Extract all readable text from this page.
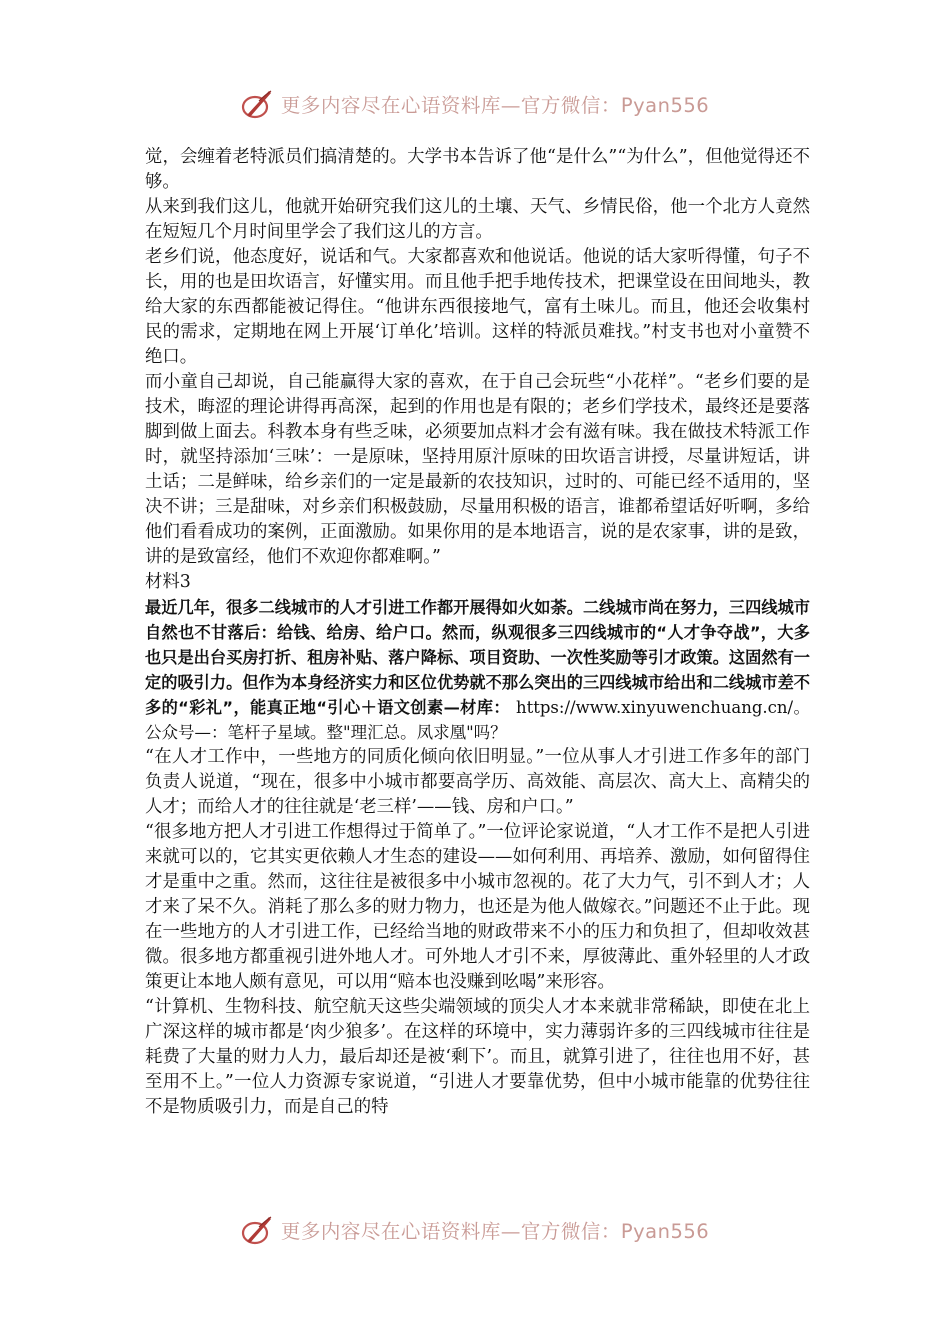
更多内容尽在心语资料库—官方微信：Pyan556

觉，会缠着老特派员们搞清楚的。大学书本告诉了他“是什么”“为什么”，但他觉得还不够。

从来到我们这儿，他就开始研究我们这儿的土壤、天气、乡情民俗，他一个北方人竟然在短短几个月时间里学会了我们这儿的方言。

老乡们说，他态度好，说话和气。大家都喜欢和他说话。他说的话大家听得懂，句子不长，用的也是田坎语言，好懂实用。而且他手把手地传技术，把课堂设在田间地头，教给大家的东西都能被记得住。“他讲东西很接地气，富有土味儿。而且，他还会收集村民的需求，定期地在网上开展‘订单化’培训。这样的特派员难找。”村支书也对小童赞不绝口。

而小童自己却说，自己能赢得大家的喜欢，在于自己会玩些“小花样”。“老乡们要的是技术，晦涩的理论讲得再高深，起到的作用也是有限的；老乡们学技术，最终还是要落脚到做上面去。科教本身有些乏味，必须要加点料才会有滋有味。我在做技术特派工作时，就坚持添加‘三味’：一是原味，坚持用原汁原味的田坎语言讲授，尽量讲短话，讲土话；二是鲜味，给乡亲们的一定是最新的农技知识，过时的、可能已经不适用的，坚决不讲；三是甜味，对乡亲们积极鼓励，尽量用积极的语言，谁都希望话好听啊，多给他们看看成功的案例，正面激励。如果你用的是本地语言，说的是农家事，讲的是致，讲的是致富经，他们不欢迎你都难啊。”

材料3

最近几年，很多二线城市的人才引进工作都开展得如火如荼。二线城市尚在努力，三四线城市自然也不甘落后：给钱、给房、给户口。然而，纵观很多三四线城市的“人才争夺战”，大多也只是出台买房打折、租房补贴、落户降标、项目资助、一次性奖励等引才政策。这固然有一定的吸引力。但作为本身经济实力和区位优势就不那么突出的三四线城市给出和二线城市差不多的“彩礼”，能真正地“引心＋语文创素—材库： https://www.xinyuwenchuang.cn/。公众号—：笔杆子星域。整"理汇总。凤求凰"吗？

“在人才工作中，一些地方的同质化倾向依旧明显。”一位从事人才引进工作多年的部门负责人说道，“现在，很多中小城市都要高学历、高效能、高层次、高大上、高精尖的人才；而给人才的往往就是‘老三样’——钱、房和户口。”

“很多地方把人才引进工作想得过于简单了。”一位评论家说道，“人才工作不是把人引进来就可以的，它其实更依赖人才生态的建设——如何利用、再培养、激励，如何留得住才是重中之重。然而，这往往是被很多中小城市忽视的。花了大力气，引不到人才；人才来了呆不久。消耗了那么多的财力物力，也还是为他人做嫁衣。”问题还不止于此。现在一些地方的人才引进工作，已经给当地的财政带来不小的压力和负担了，但却收效甚微。很多地方都重视引进外地人才。可外地人才引不来，厚彼薄此、重外轻里的人才政策更让本地人颇有意见，可以用“赔本也没赚到吆喝”来形容。

“计算机、生物科技、航空航天这些尖端领域的顶尖人才本来就非常稀缺，即使在北上广深这样的城市都是‘肉少狼多’。在这样的环境中，实力薄弱许多的三四线城市往往是耗费了大量的财力人力，最后却还是被‘剩下’。而且，就算引进了，往往也用不好，甚至用不上。”一位人力资源专家说道，“引进人才要靠优势，但中小城市能靠的优势往往不是物质吸引力，而是自己的特

更多内容尽在心语资料库—官方微信：Pyan556
